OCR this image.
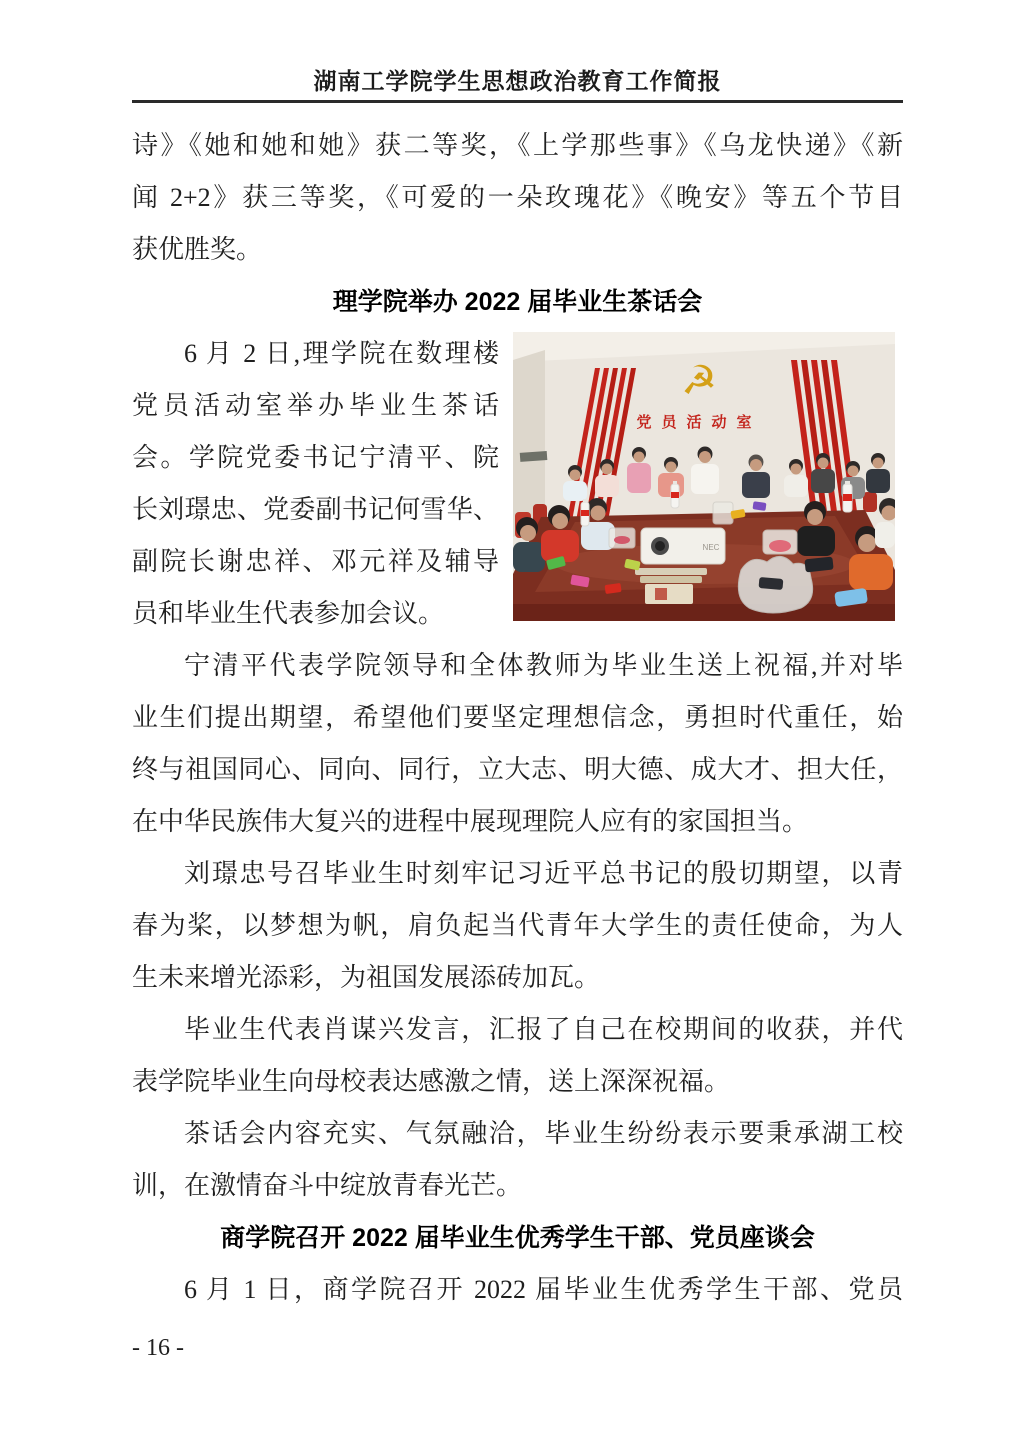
湖南工学院学生思想政治教育工作简报
诗》《她和她和她》获二等奖，《上学那些事》《乌龙快递》《新
闻 2+2》获三等奖，《可爱的一朵玫瑰花》《晚安》等五个节目
获优胜奖。
理学院举办 2022 届毕业生茶话会
6 月 2 日,理学院在数理楼
党员活动室举办毕业生茶话
会。学院党委书记宁清平、院
长刘璟忠、党委副书记何雪华、
副院长谢忠祥、邓元祥及辅导
员和毕业生代表参加会议。
☭
党员活动室
NEC
宁清平代表学院领导和全体教师为毕业生送上祝福,并对毕
业生们提出期望，希望他们要坚定理想信念，勇担时代重任，始
终与祖国同心、同向、同行，立大志、明大德、成大才、担大任，
在中华民族伟大复兴的进程中展现理院人应有的家国担当。
刘璟忠号召毕业生时刻牢记习近平总书记的殷切期望，以青
春为桨，以梦想为帆，肩负起当代青年大学生的责任使命，为人
生未来增光添彩，为祖国发展添砖加瓦。
毕业生代表肖谋兴发言，汇报了自己在校期间的收获，并代
表学院毕业生向母校表达感激之情，送上深深祝福。
茶话会内容充实、气氛融洽，毕业生纷纷表示要秉承湖工校
训，在激情奋斗中绽放青春光芒。
商学院召开 2022 届毕业生优秀学生干部、党员座谈会
6 月 1 日，商学院召开 2022 届毕业生优秀学生干部、党员
- 16 -
